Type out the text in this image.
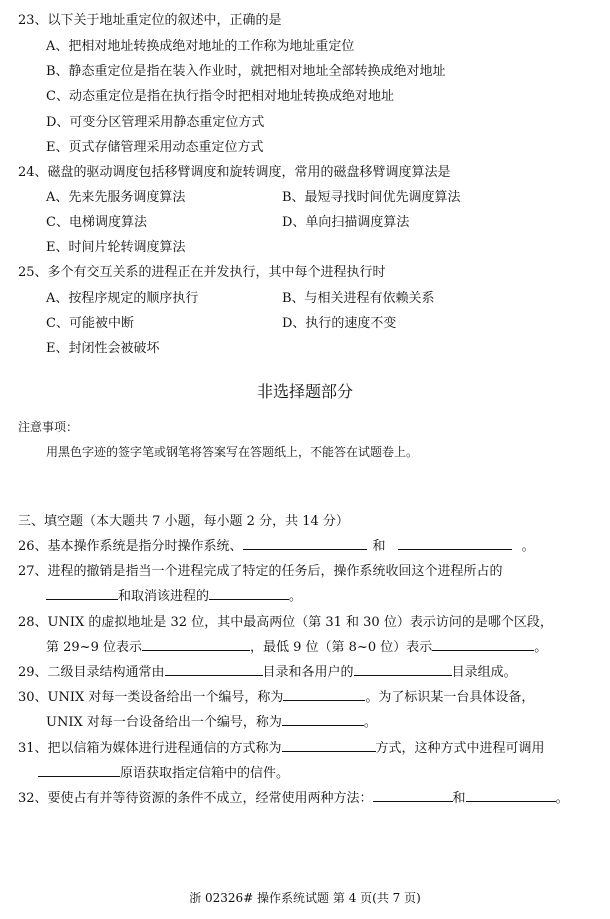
23、以下关于地址重定位的叙述中，正确的是
A、把相对地址转换成绝对地址的工作称为地址重定位
B、静态重定位是指在装入作业时，就把相对地址全部转换成绝对地址
C、动态重定位是指在执行指令时把相对地址转换成绝对地址
D、可变分区管理采用静态重定位方式
E、页式存储管理采用动态重定位方式
24、磁盘的驱动调度包括移臂调度和旋转调度，常用的磁盘移臂调度算法是
A、先来先服务调度算法	B、最短寻找时间优先调度算法
C、电梯调度算法	D、单向扫描调度算法
E、时间片轮转调度算法
25、多个有交互关系的进程正在并发执行，其中每个进程执行时
A、按程序规定的顺序执行	B、与相关进程有依赖关系
C、可能被中断	D、执行的速度不变
E、封闭性会被破坏
非选择题部分
注意事项：
用黑色字迹的签字笔或钢笔将答案写在答题纸上，不能答在试题卷上。
三、填空题（本大题共 7 小题，每小题 2 分，共 14 分）
26、基本操作系统是指分时操作系统、	和	。
27、进程的撤销是指当一个进程完成了特定的任务后，操作系统收回这个进程所占的
和取消该进程的	。
28、UNIX 的虚拟地址是 32 位，其中最高两位（第 31 和 30 位）表示访问的是哪个区段，
第 29~9 位表示	，最低 9 位（第 8~0 位）表示	。
29、二级目录结构通常由	目录和各用户的	目录组成。
30、UNIX 对每一类设备给出一个编号，称为	。为了标识某一台具体设备，
UNIX 对每一台设备给出一个编号，称为	。
31、把以信箱为媒体进行进程通信的方式称为	方式，这种方式中进程可调用
原语获取指定信箱中的信件。
32、要使占有并等待资源的条件不成立，经常使用两种方法：	和	。
浙 02326# 操作系统试题 第 4 页(共 7 页)
